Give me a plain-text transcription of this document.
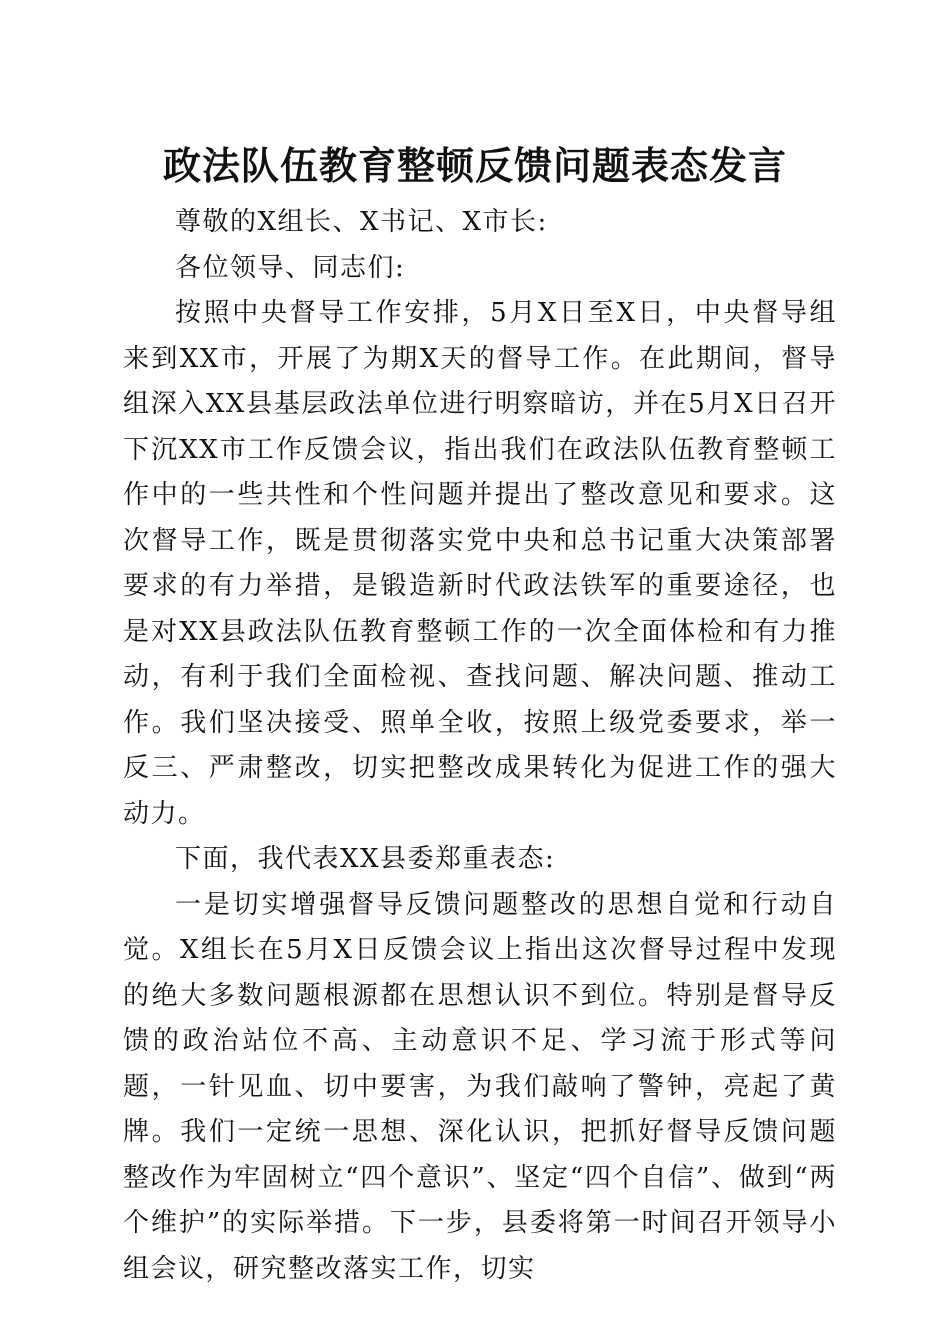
政法队伍教育整顿反馈问题表态发言

尊敬的X组长、X书记、X市长:

各位领导、同志们:

按照中央督导工作安排，5月X日至X日，中央督导组来到XX市，开展了为期X天的督导工作。在此期间，督导组深入XX县基层政法单位进行明察暗访，并在5月X日召开下沉XX市工作反馈会议，指出我们在政法队伍教育整顿工作中的一些共性和个性问题并提出了整改意见和要求。这次督导工作，既是贯彻落实党中央和总书记重大决策部署要求的有力举措，是锻造新时代政法铁军的重要途径，也是对XX县政法队伍教育整顿工作的一次全面体检和有力推动，有利于我们全面检视、查找问题、解决问题、推动工作。我们坚决接受、照单全收，按照上级党委要求，举一反三、严肃整改，切实把整改成果转化为促进工作的强大动力。

下面，我代表XX县委郑重表态:

一是切实增强督导反馈问题整改的思想自觉和行动自觉。X组长在5月X日反馈会议上指出这次督导过程中发现的绝大多数问题根源都在思想认识不到位。特别是督导反馈的政治站位不高、主动意识不足、学习流于形式等问题，一针见血、切中要害，为我们敲响了警钟，亮起了黄牌。我们一定统一思想、深化认识，把抓好督导反馈问题整改作为牢固树立“四个意识”、坚定“四个自信”、做到“两个维护”的实际举措。下一步，县委将第一时间召开领导小组会议，研究整改落实工作，切实
